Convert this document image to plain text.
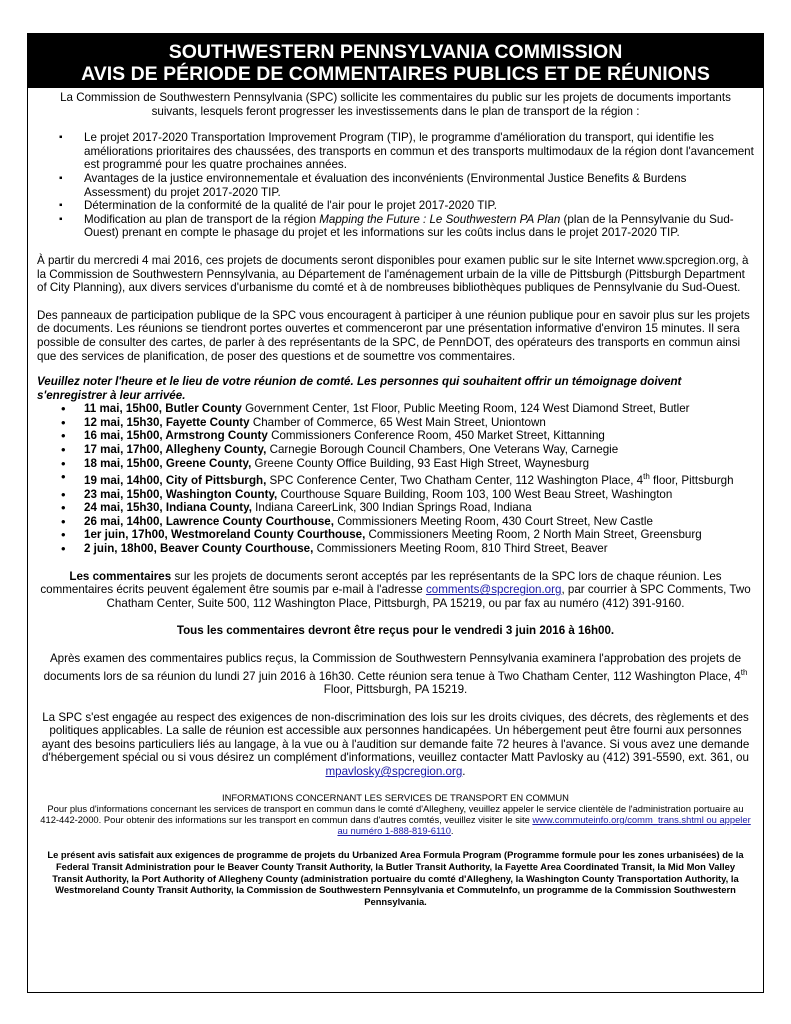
SOUTHWESTERN PENNSYLVANIA COMMISSION
AVIS DE PÉRIODE DE COMMENTAIRES PUBLICS ET DE RÉUNIONS

La Commission de Southwestern Pennsylvania (SPC) sollicite les commentaires du public sur les projets de documents importants suivants, lesquels feront progresser les investissements dans le plan de transport de la région :

▪ Le projet 2017-2020 Transportation Improvement Program (TIP), le programme d'amélioration du transport, qui identifie les améliorations prioritaires des chaussées, des transports en commun et des transports multimodaux de la région dont l'avancement est programmé pour les quatre prochaines années.
▪ Avantages de la justice environnementale et évaluation des inconvénients (Environmental Justice Benefits & Burdens Assessment) du projet 2017-2020 TIP.
▪ Détermination de la conformité de la qualité de l'air pour le projet 2017-2020 TIP.
▪ Modification au plan de transport de la région Mapping the Future : Le Southwestern PA Plan (plan de la Pennsylvanie du Sud-Ouest) prenant en compte le phasage du projet et les informations sur les coûts inclus dans le projet 2017-2020 TIP.

À partir du mercredi 4 mai 2016, ces projets de documents seront disponibles pour examen public sur le site Internet www.spcregion.org, à la Commission de Southwestern Pennsylvania, au Département de l'aménagement urbain de la ville de Pittsburgh (Pittsburgh Department of City Planning), aux divers services d'urbanisme du comté et à de nombreuses bibliothèques publiques de Pennsylvanie du Sud-Ouest.

Des panneaux de participation publique de la SPC vous encouragent à participer à une réunion publique pour en savoir plus sur les projets de documents. Les réunions se tiendront portes ouvertes et commenceront par une présentation informative d'environ 15 minutes. Il sera possible de consulter des cartes, de parler à des représentants de la SPC, de PennDOT, des opérateurs des transports en commun ainsi que des services de planification, de poser des questions et de soumettre vos commentaires.

Veuillez noter l'heure et le lieu de votre réunion de comté. Les personnes qui souhaitent offrir un témoignage doivent s'enregistrer à leur arrivée.

• 11 mai, 15h00, Butler County Government Center, 1st Floor, Public Meeting Room, 124 West Diamond Street, Butler
• 12 mai, 15h30, Fayette County Chamber of Commerce, 65 West Main Street, Uniontown
• 16 mai, 15h00, Armstrong County Commissioners Conference Room, 450 Market Street, Kittanning
• 17 mai, 17h00, Allegheny County, Carnegie Borough Council Chambers, One Veterans Way, Carnegie
• 18 mai, 15h00, Greene County, Greene County Office Building, 93 East High Street, Waynesburg
• 19 mai, 14h00, City of Pittsburgh, SPC Conference Center, Two Chatham Center, 112 Washington Place, 4th floor, Pittsburgh
• 23 mai, 15h00, Washington County, Courthouse Square Building, Room 103, 100 West Beau Street, Washington
• 24 mai, 15h30, Indiana County, Indiana CareerLink, 300 Indian Springs Road, Indiana
• 26 mai, 14h00, Lawrence County Courthouse, Commissioners Meeting Room, 430 Court Street, New Castle
• 1er juin, 17h00, Westmoreland County Courthouse, Commissioners Meeting Room, 2 North Main Street, Greensburg
• 2 juin, 18h00, Beaver County Courthouse, Commissioners Meeting Room, 810 Third Street, Beaver

Les commentaires sur les projets de documents seront acceptés par les représentants de la SPC lors de chaque réunion. Les commentaires écrits peuvent également être soumis par e-mail à l'adresse comments@spcregion.org, par courrier à SPC Comments, Two Chatham Center, Suite 500, 112 Washington Place, Pittsburgh, PA 15219, ou par fax au numéro (412) 391-9160.

Tous les commentaires devront être reçus pour le vendredi 3 juin 2016 à 16h00.

Après examen des commentaires publics reçus, la Commission de Southwestern Pennsylvania examinera l'approbation des projets de documents lors de sa réunion du lundi 27 juin 2016 à 16h30. Cette réunion sera tenue à Two Chatham Center, 112 Washington Place, 4th Floor, Pittsburgh, PA 15219.

La SPC s'est engagée au respect des exigences de non-discrimination des lois sur les droits civiques, des décrets, des règlements et des politiques applicables. La salle de réunion est accessible aux personnes handicapées. Un hébergement peut être fourni aux personnes ayant des besoins particuliers liés au langage, à la vue ou à l'audition sur demande faite 72 heures à l'avance. Si vous avez une demande d'hébergement spécial ou si vous désirez un complément d'informations, veuillez contacter Matt Pavlosky au (412) 391-5590, ext. 361, ou mpavlosky@spcregion.org.

INFORMATIONS CONCERNANT LES SERVICES DE TRANSPORT EN COMMUN
Pour plus d'informations concernant les services de transport en commun dans le comté d'Allegheny, veuillez appeler le service clientèle de l'administration portuaire au 412-442-2000. Pour obtenir des informations sur les transport en commun dans d'autres comtés, veuillez visiter le site www.commuteinfo.org/comm_trans.shtml ou appeler au numéro 1-888-819-6110.

Le présent avis satisfait aux exigences de programme de projets du Urbanized Area Formula Program (Programme formule pour les zones urbanisées) de la Federal Transit Administration pour le Beaver County Transit Authority, la Butler Transit Authority, la Fayette Area Coordinated Transit, la Mid Mon Valley Transit Authority, la Port Authority of Allegheny County (administration portuaire du comté d'Allegheny, la Washington County Transportation Authority, la Westmoreland County Transit Authority, la Commission de Southwestern Pennsylvania et CommuteInfo, un programme de la Commission Southwestern Pennsylvania.
